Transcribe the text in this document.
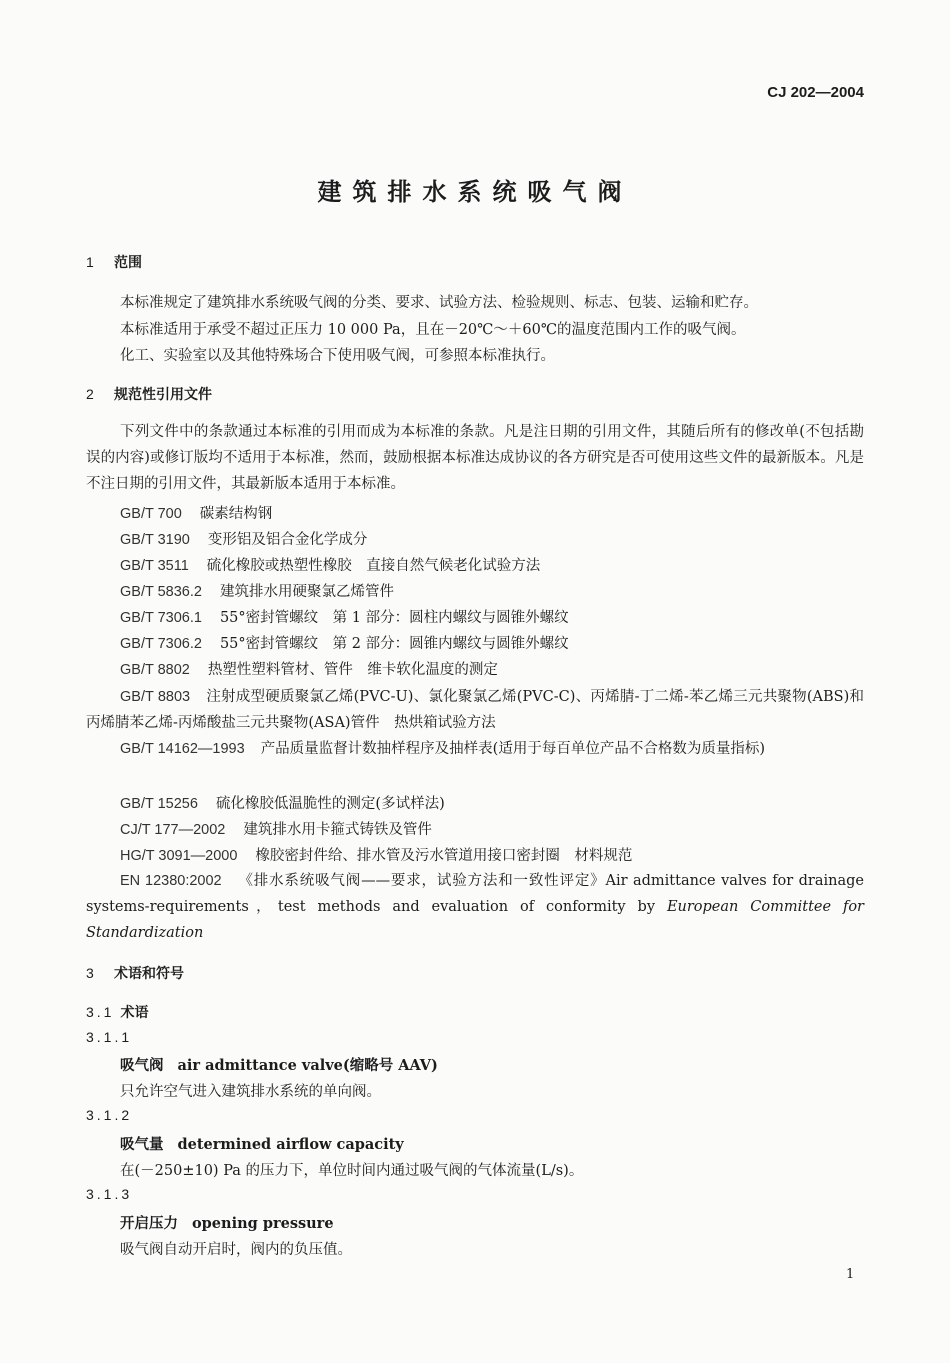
CJ 202—2004
建筑排水系统吸气阀
1 范围
本标准规定了建筑排水系统吸气阀的分类、要求、试验方法、检验规则、标志、包装、运输和贮存。
本标准适用于承受不超过正压力 10 000 Pa，且在－20℃～＋60℃的温度范围内工作的吸气阀。
化工、实验室以及其他特殊场合下使用吸气阀，可参照本标准执行。
2 规范性引用文件
下列文件中的条款通过本标准的引用而成为本标准的条款。凡是注日期的引用文件，其随后所有的修改单(不包括勘误的内容)或修订版均不适用于本标准，然而，鼓励根据本标准达成协议的各方研究是否可使用这些文件的最新版本。凡是不注日期的引用文件，其最新版本适用于本标准。
GB/T 700 碳素结构钢
GB/T 3190 变形铝及铝合金化学成分
GB/T 3511 硫化橡胶或热塑性橡胶　直接自然气候老化试验方法
GB/T 5836.2 建筑排水用硬聚氯乙烯管件
GB/T 7306.1 55°密封管螺纹　第 1 部分：圆柱内螺纹与圆锥外螺纹
GB/T 7306.2 55°密封管螺纹　第 2 部分：圆锥内螺纹与圆锥外螺纹
GB/T 8802 热塑性塑料管材、管件　维卡软化温度的测定
GB/T 8803 注射成型硬质聚氯乙烯(PVC-U)、氯化聚氯乙烯(PVC-C)、丙烯腈-丁二烯-苯乙烯三元共聚物(ABS)和丙烯腈苯乙烯-丙烯酸盐三元共聚物(ASA)管件　热烘箱试验方法
GB/T 14162—1993 产品质量监督计数抽样程序及抽样表(适用于每百单位产品不合格数为质量指标)
GB/T 15256 硫化橡胶低温脆性的测定(多试样法)
CJ/T 177—2002 建筑排水用卡箍式铸铁及管件
HG/T 3091—2000 橡胶密封件给、排水管及污水管道用接口密封圈　材料规范
EN 12380:2002 《排水系统吸气阀——要求，试验方法和一致性评定》Air admittance valves for drainage systems-requirements，test methods and evaluation of conformity by European Committee for Standardization
3 术语和符号
3.1 术语
3.1.1
吸气阀 air admittance valve(缩略号 AAV)
只允许空气进入建筑排水系统的单向阀。
3.1.2
吸气量 determined airflow capacity
在(－250±10) Pa 的压力下，单位时间内通过吸气阀的气体流量(L/s)。
3.1.3
开启压力 opening pressure
吸气阀自动开启时，阀内的负压值。
1
